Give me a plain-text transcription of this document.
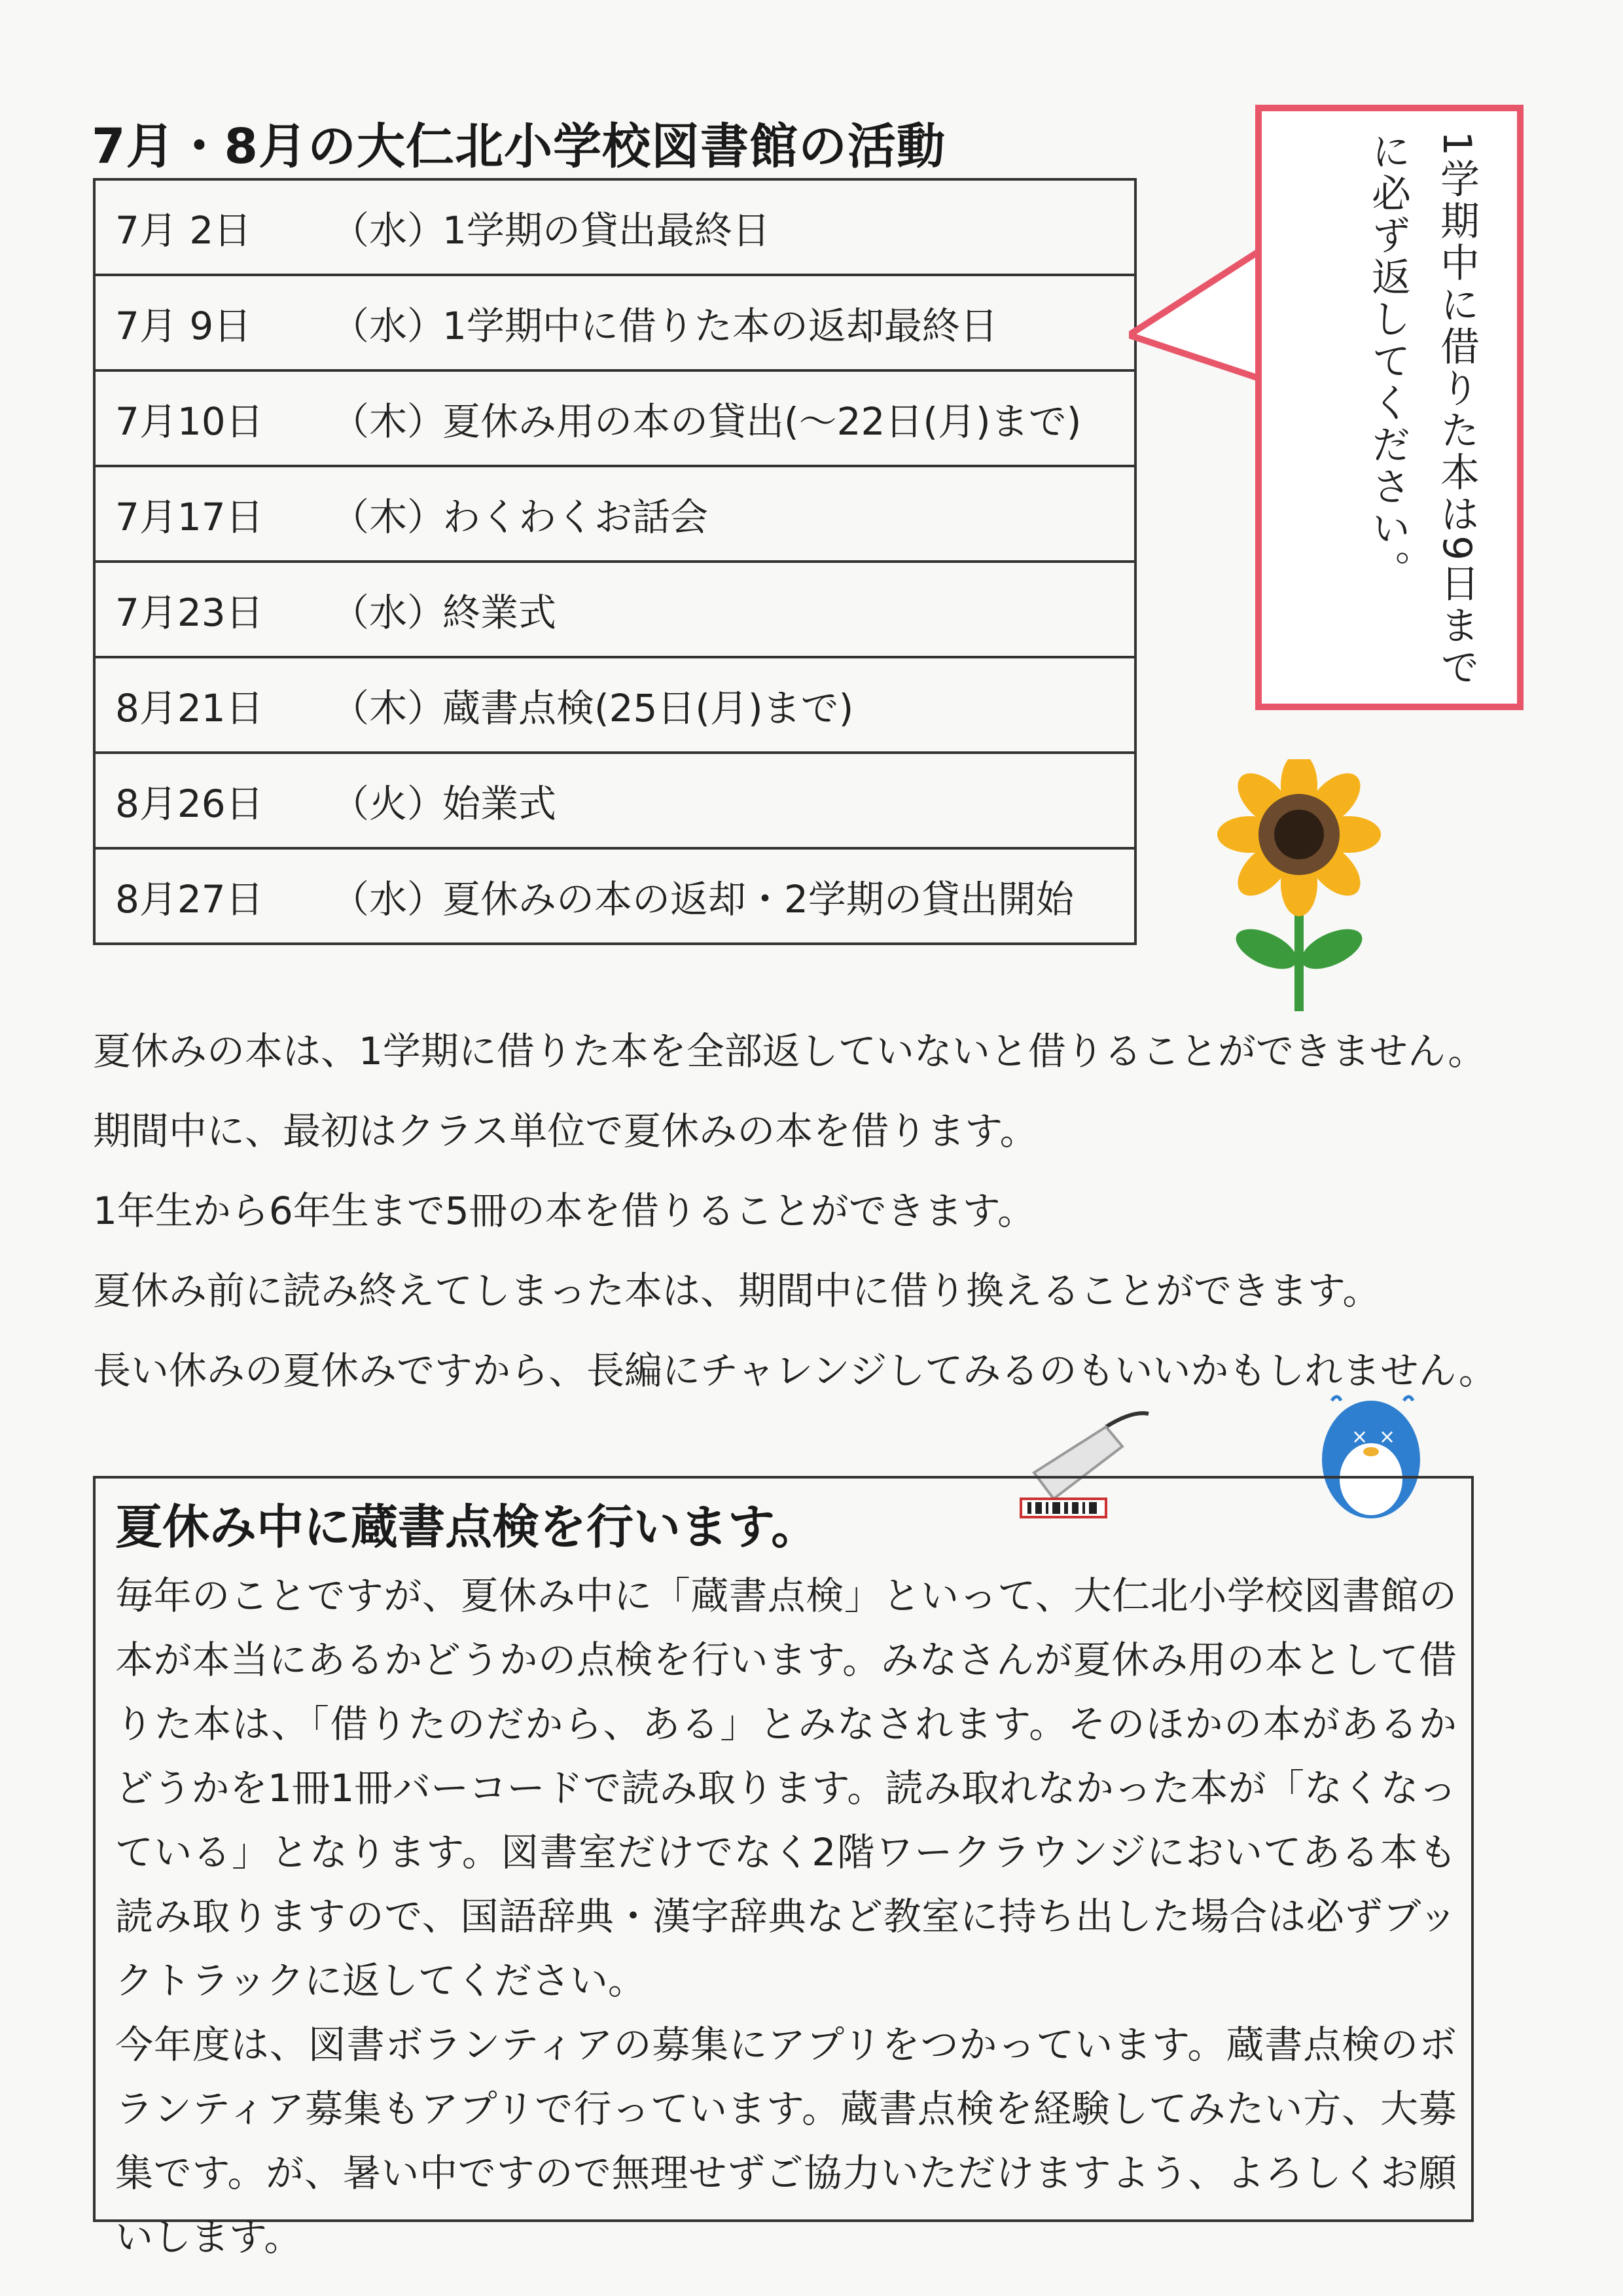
7月・8月の大仁北小学校図書館の活動
7月 2日 （水）1学期の貸出最終日
7月 9日 （水）1学期中に借りた本の返却最終日
7月10日 （木）夏休み用の本の貸出(～22日(月)まで)
7月17日 （木）わくわくお話会
7月23日 （水）終業式
8月21日 （木）蔵書点検(25日(月)まで)
8月26日 （火）始業式
8月27日 （水）夏休みの本の返却・2学期の貸出開始
1学期中に借りた本は9日までに必ず返してください。

夏休みの本は、1学期に借りた本を全部返していないと借りることができません。

期間中に、最初はクラス単位で夏休みの本を借ります。

1年生から6年生まで5冊の本を借りることができます。

夏休み前に読み終えてしまった本は、期間中に借り換えることができます。

長い休みの夏休みですから、長編にチャレンジしてみるのもいいかもしれません。

× ×
夏休み中に蔵書点検を行います。

毎年のことですが、夏休み中に「蔵書点検」といって、大仁北小学校図書館の本が本当にあるかどうかの点検を行います。みなさんが夏休み用の本として借りた本は、「借りたのだから、ある」とみなされます。そのほかの本があるかどうかを1冊1冊バーコードで読み取ります。読み取れなかった本が「なくなっている」となります。図書室だけでなく2階ワークラウンジにおいてある本も読み取りますので、国語辞典・漢字辞典など教室に持ち出した場合は必ずブックトラックに返してください。

今年度は、図書ボランティアの募集にアプリをつかっています。蔵書点検のボランティア募集もアプリで行っています。蔵書点検を経験してみたい方、大募集です。が、暑い中ですので無理せずご協力いただけますよう、よろしくお願いします。
